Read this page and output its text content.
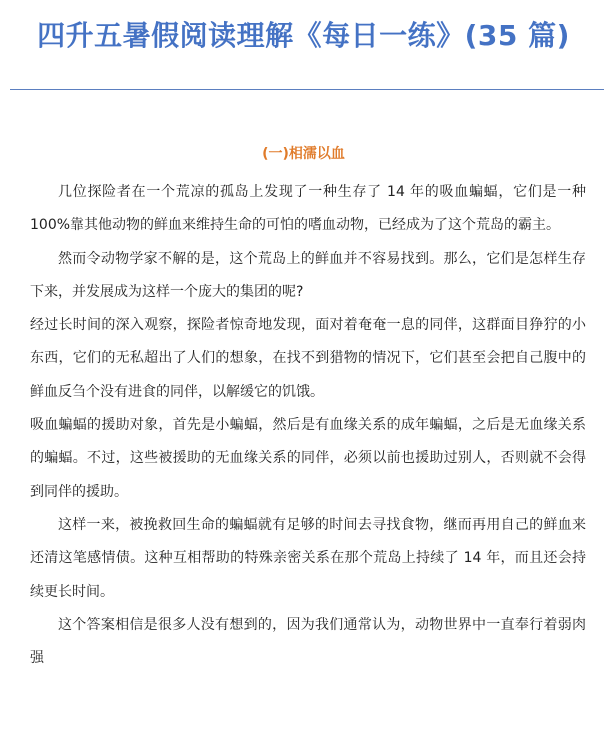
四升五暑假阅读理解《每日一练》(35 篇)
(一)相濡以血

几位探险者在一个荒凉的孤岛上发现了一种生存了 14 年的吸血蝙蝠，它们是一种100%靠其他动物的鲜血来维持生命的可怕的嗜血动物，已经成为了这个荒岛的霸主。

然而令动物学家不解的是，这个荒岛上的鲜血并不容易找到。那么，它们是怎样生存下来，并发展成为这样一个庞大的集团的呢?

经过长时间的深入观察，探险者惊奇地发现，面对着奄奄一息的同伴，这群面目狰狞的小东西，它们的无私超出了人们的想象，在找不到猎物的情况下，它们甚至会把自己腹中的鲜血反刍个没有进食的同伴，以解缓它的饥饿。

吸血蝙蝠的援助对象，首先是小蝙蝠，然后是有血缘关系的成年蝙蝠，之后是无血缘关系的蝙蝠。不过，这些被援助的无血缘关系的同伴，必须以前也援助过别人，否则就不会得到同伴的援助。

这样一来，被挽救回生命的蝙蝠就有足够的时间去寻找食物，继而再用自己的鲜血来还清这笔感情债。这种互相帮助的特殊亲密关系在那个荒岛上持续了 14 年，而且还会持续更长时间。

这个答案相信是很多人没有想到的，因为我们通常认为，动物世界中一直奉行着弱肉强
